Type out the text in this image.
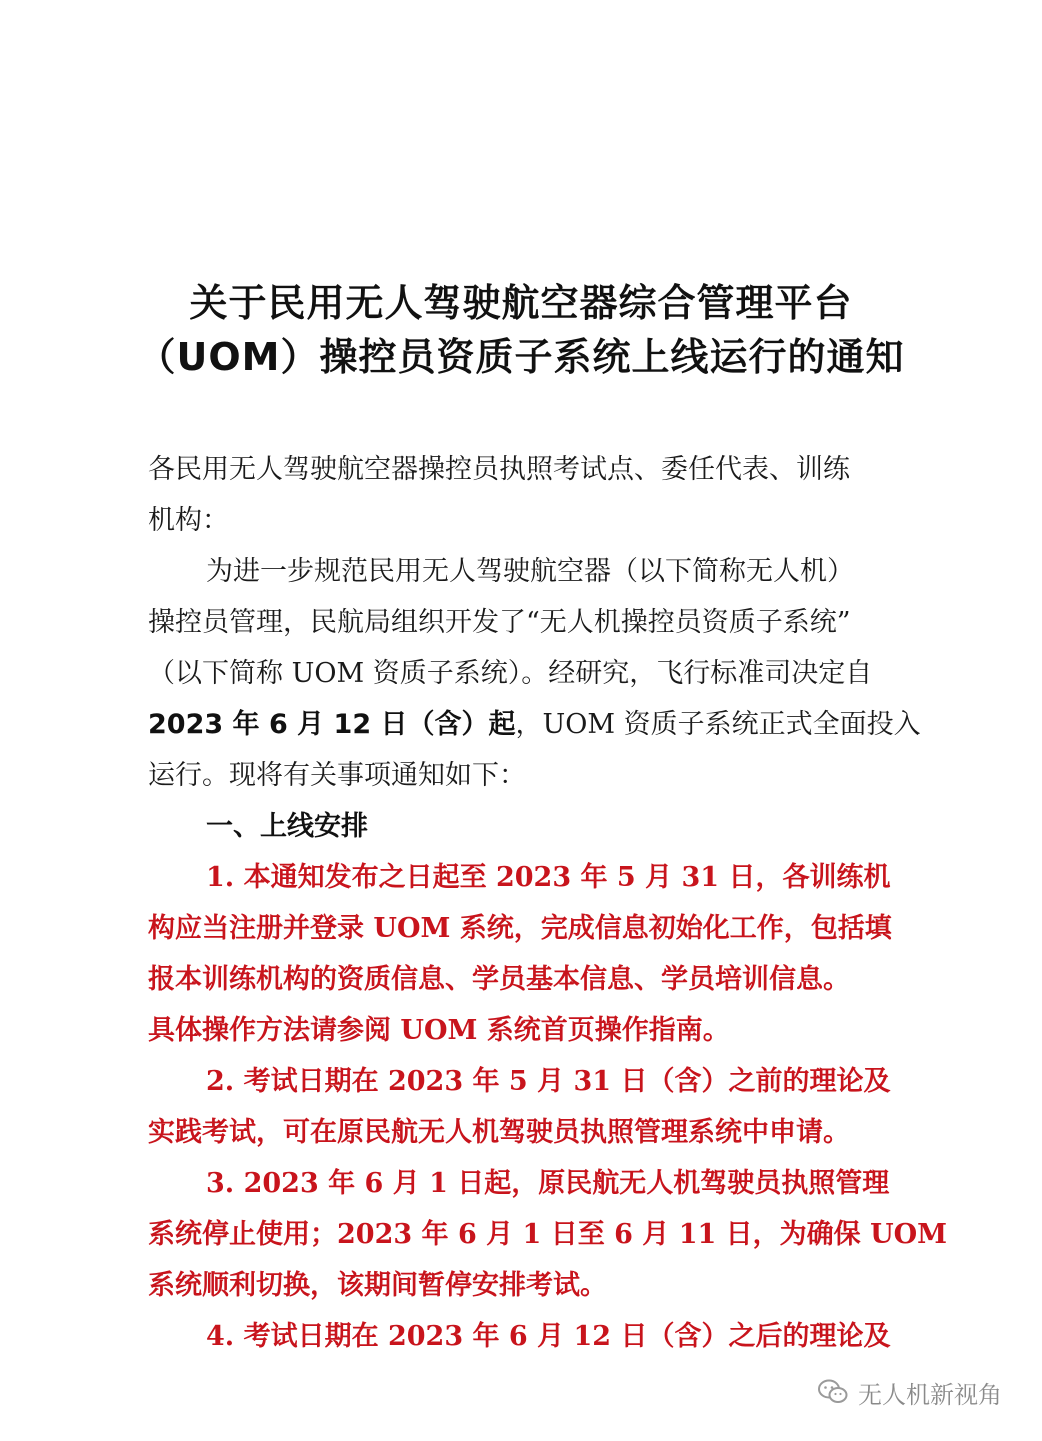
关于民用无人驾驶航空器综合管理平台
（UOM）操控员资质子系统上线运行的通知
各民用无人驾驶航空器操控员执照考试点、委任代表、训练
机构：
为进一步规范民用无人驾驶航空器（以下简称无人机）
操控员管理，民航局组织开发了“无人机操控员资质子系统”
（以下简称 UOM 资质子系统）。经研究，飞行标准司决定自
2023 年 6 月 12 日（含）起，UOM 资质子系统正式全面投入
运行。现将有关事项通知如下：
一、上线安排
1. 本通知发布之日起至 2023 年 5 月 31 日，各训练机
构应当注册并登录 UOM 系统，完成信息初始化工作，包括填
报本训练机构的资质信息、学员基本信息、学员培训信息。
具体操作方法请参阅 UOM 系统首页操作指南。
2. 考试日期在 2023 年 5 月 31 日（含）之前的理论及
实践考试，可在原民航无人机驾驶员执照管理系统中申请。
3. 2023 年 6 月 1 日起，原民航无人机驾驶员执照管理
系统停止使用；2023 年 6 月 1 日至 6 月 11 日，为确保 UOM
系统顺利切换，该期间暂停安排考试。
4. 考试日期在 2023 年 6 月 12 日（含）之后的理论及
无人机新视角
